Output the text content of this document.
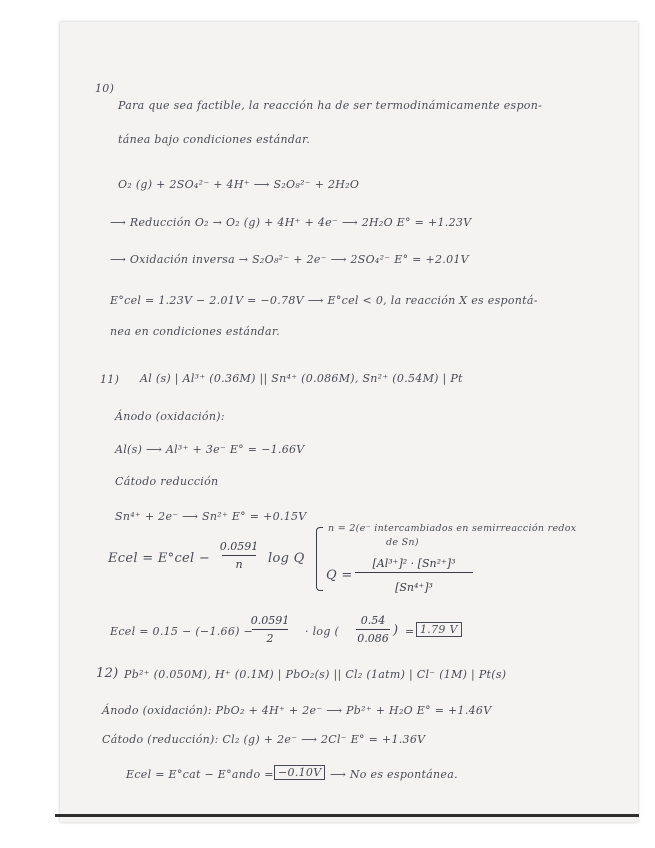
10)
Para que sea factible, la reacción ha de ser termodinámicamente espon-
tánea bajo condiciones estándar.
O₂ (g) + 2SO₄²⁻ + 4H⁺ ⟶ S₂O₈²⁻ + 2H₂O
⟶ Reducción O₂ → O₂ (g) + 4H⁺ + 4e⁻ ⟶ 2H₂O E° = +1.23V
⟶ Oxidación inversa → S₂O₈²⁻ + 2e⁻ ⟶ 2SO₄²⁻ E° = +2.01V
E°cel = 1.23V − 2.01V = −0.78V ⟶ E°cel < 0, la reacción X es espontá-
nea en condiciones estándar.
11) Al (s) | Al³⁺ (0.36M) || Sn⁴⁺ (0.086M), Sn²⁺ (0.54M) | Pt
Ánodo (oxidación):
Al(s) ⟶ Al³⁺ + 3e⁻ E° = −1.66V
Cátodo reducción
Sn⁴⁺ + 2e⁻ ⟶ Sn²⁺ E° = +0.15V
Ecel = E°cel −
0.0591
n log Q
n = 2(e⁻ intercambiados en semirreacción redox
de Sn)
Q =
[Al³⁺]² · [Sn²⁺]³
[Sn⁴⁺]³
Ecel = 0.15 − (−1.66) −
0.0591
2
· log (
0.54
0.086
) = 1.79 V
12) Pb²⁺ (0.050M), H⁺ (0.1M) | PbO₂(s) || Cl₂ (1atm) | Cl⁻ (1M) | Pt(s)
Ánodo (oxidación): PbO₂ + 4H⁺ + 2e⁻ ⟶ Pb²⁺ + H₂O E° = +1.46V
Cátodo (reducción): Cl₂ (g) + 2e⁻ ⟶ 2Cl⁻ E° = +1.36V
Ecel = E°cat − E°ando = −0.10V ⟶ No es espontánea.
